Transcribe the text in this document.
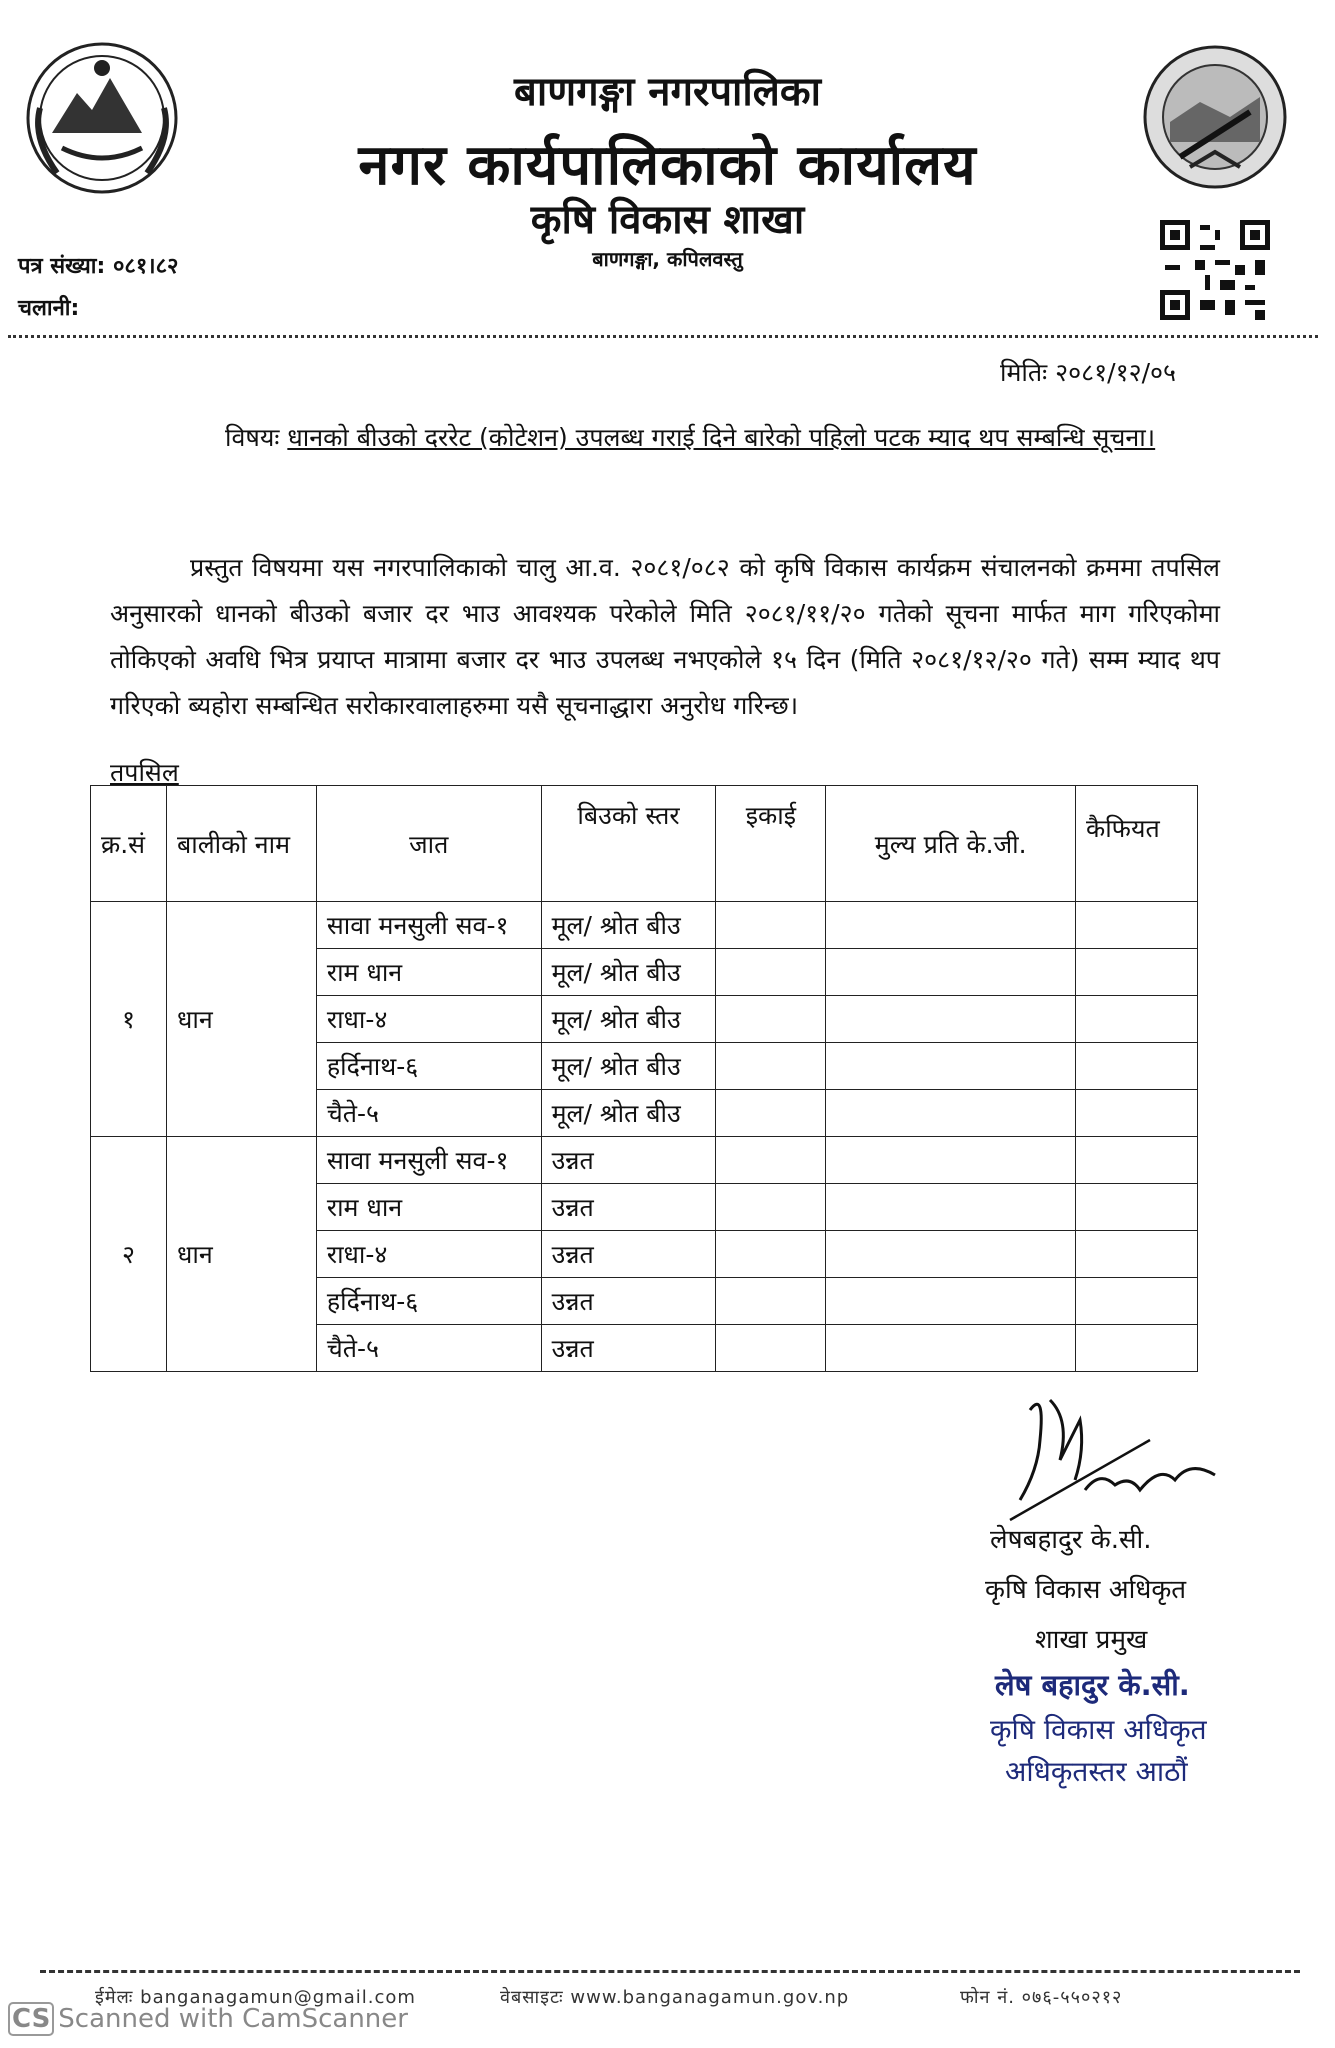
बाणगङ्गा नगरपालिका
नगर कार्यपालिकाको कार्यालय
कृषि विकास शाखा
बाणगङ्गा, कपिलवस्तु
पत्र संख्या: ०८१।८२
चलानी:
मितिः २०८१/१२/०५
विषयः धानको बीउको दररेट (कोटेशन) उपलब्ध गराई दिने बारेको पहिलो पटक म्याद थप सम्बन्धि सूचना।
प्रस्तुत विषयमा यस नगरपालिकाको चालु आ.व. २०८१/०८२ को कृषि विकास कार्यक्रम संचालनको क्रममा तपसिल अनुसारको धानको बीउको बजार दर भाउ आवश्यक परेकोले मिति २०८१/११/२० गतेको सूचना मार्फत माग गरिएकोमा तोकिएको अवधि भित्र प्रयाप्त मात्रामा बजार दर भाउ उपलब्ध नभएकोले १५ दिन (मिति २०८१/१२/२० गते) सम्म म्याद थप गरिएको ब्यहोरा सम्बन्धित सरोकारवालाहरुमा यसै सूचनाद्धारा अनुरोध गरिन्छ।
तपसिल
क्र.सं	बालीको नाम	जात	बिउको स्तर	इकाई	मुल्य प्रति के.जी.	कैफियत
१	धान	सावा मनसुली सव-१	मूल/ श्रोत बीउ			
		राम धान	मूल/ श्रोत बीउ			
		राधा-४	मूल/ श्रोत बीउ			
		हर्दिनाथ-६	मूल/ श्रोत बीउ			
		चैते-५	मूल/ श्रोत बीउ			
२	धान	सावा मनसुली सव-१	उन्नत			
		राम धान	उन्नत			
		राधा-४	उन्नत			
		हर्दिनाथ-६	उन्नत			
		चैते-५	उन्नत			
लेषबहादुर के.सी.
कृषि विकास अधिकृत
शाखा प्रमुख
लेष बहादुर के.सी.
कृषि विकास अधिकृत
अधिकृतस्तर आठौं
ईमेलः banganagamun@gmail.com	वेबसाइटः www.banganagamun.gov.np	फोन नं. ०७६-५५०२१२
CS Scanned with CamScanner
